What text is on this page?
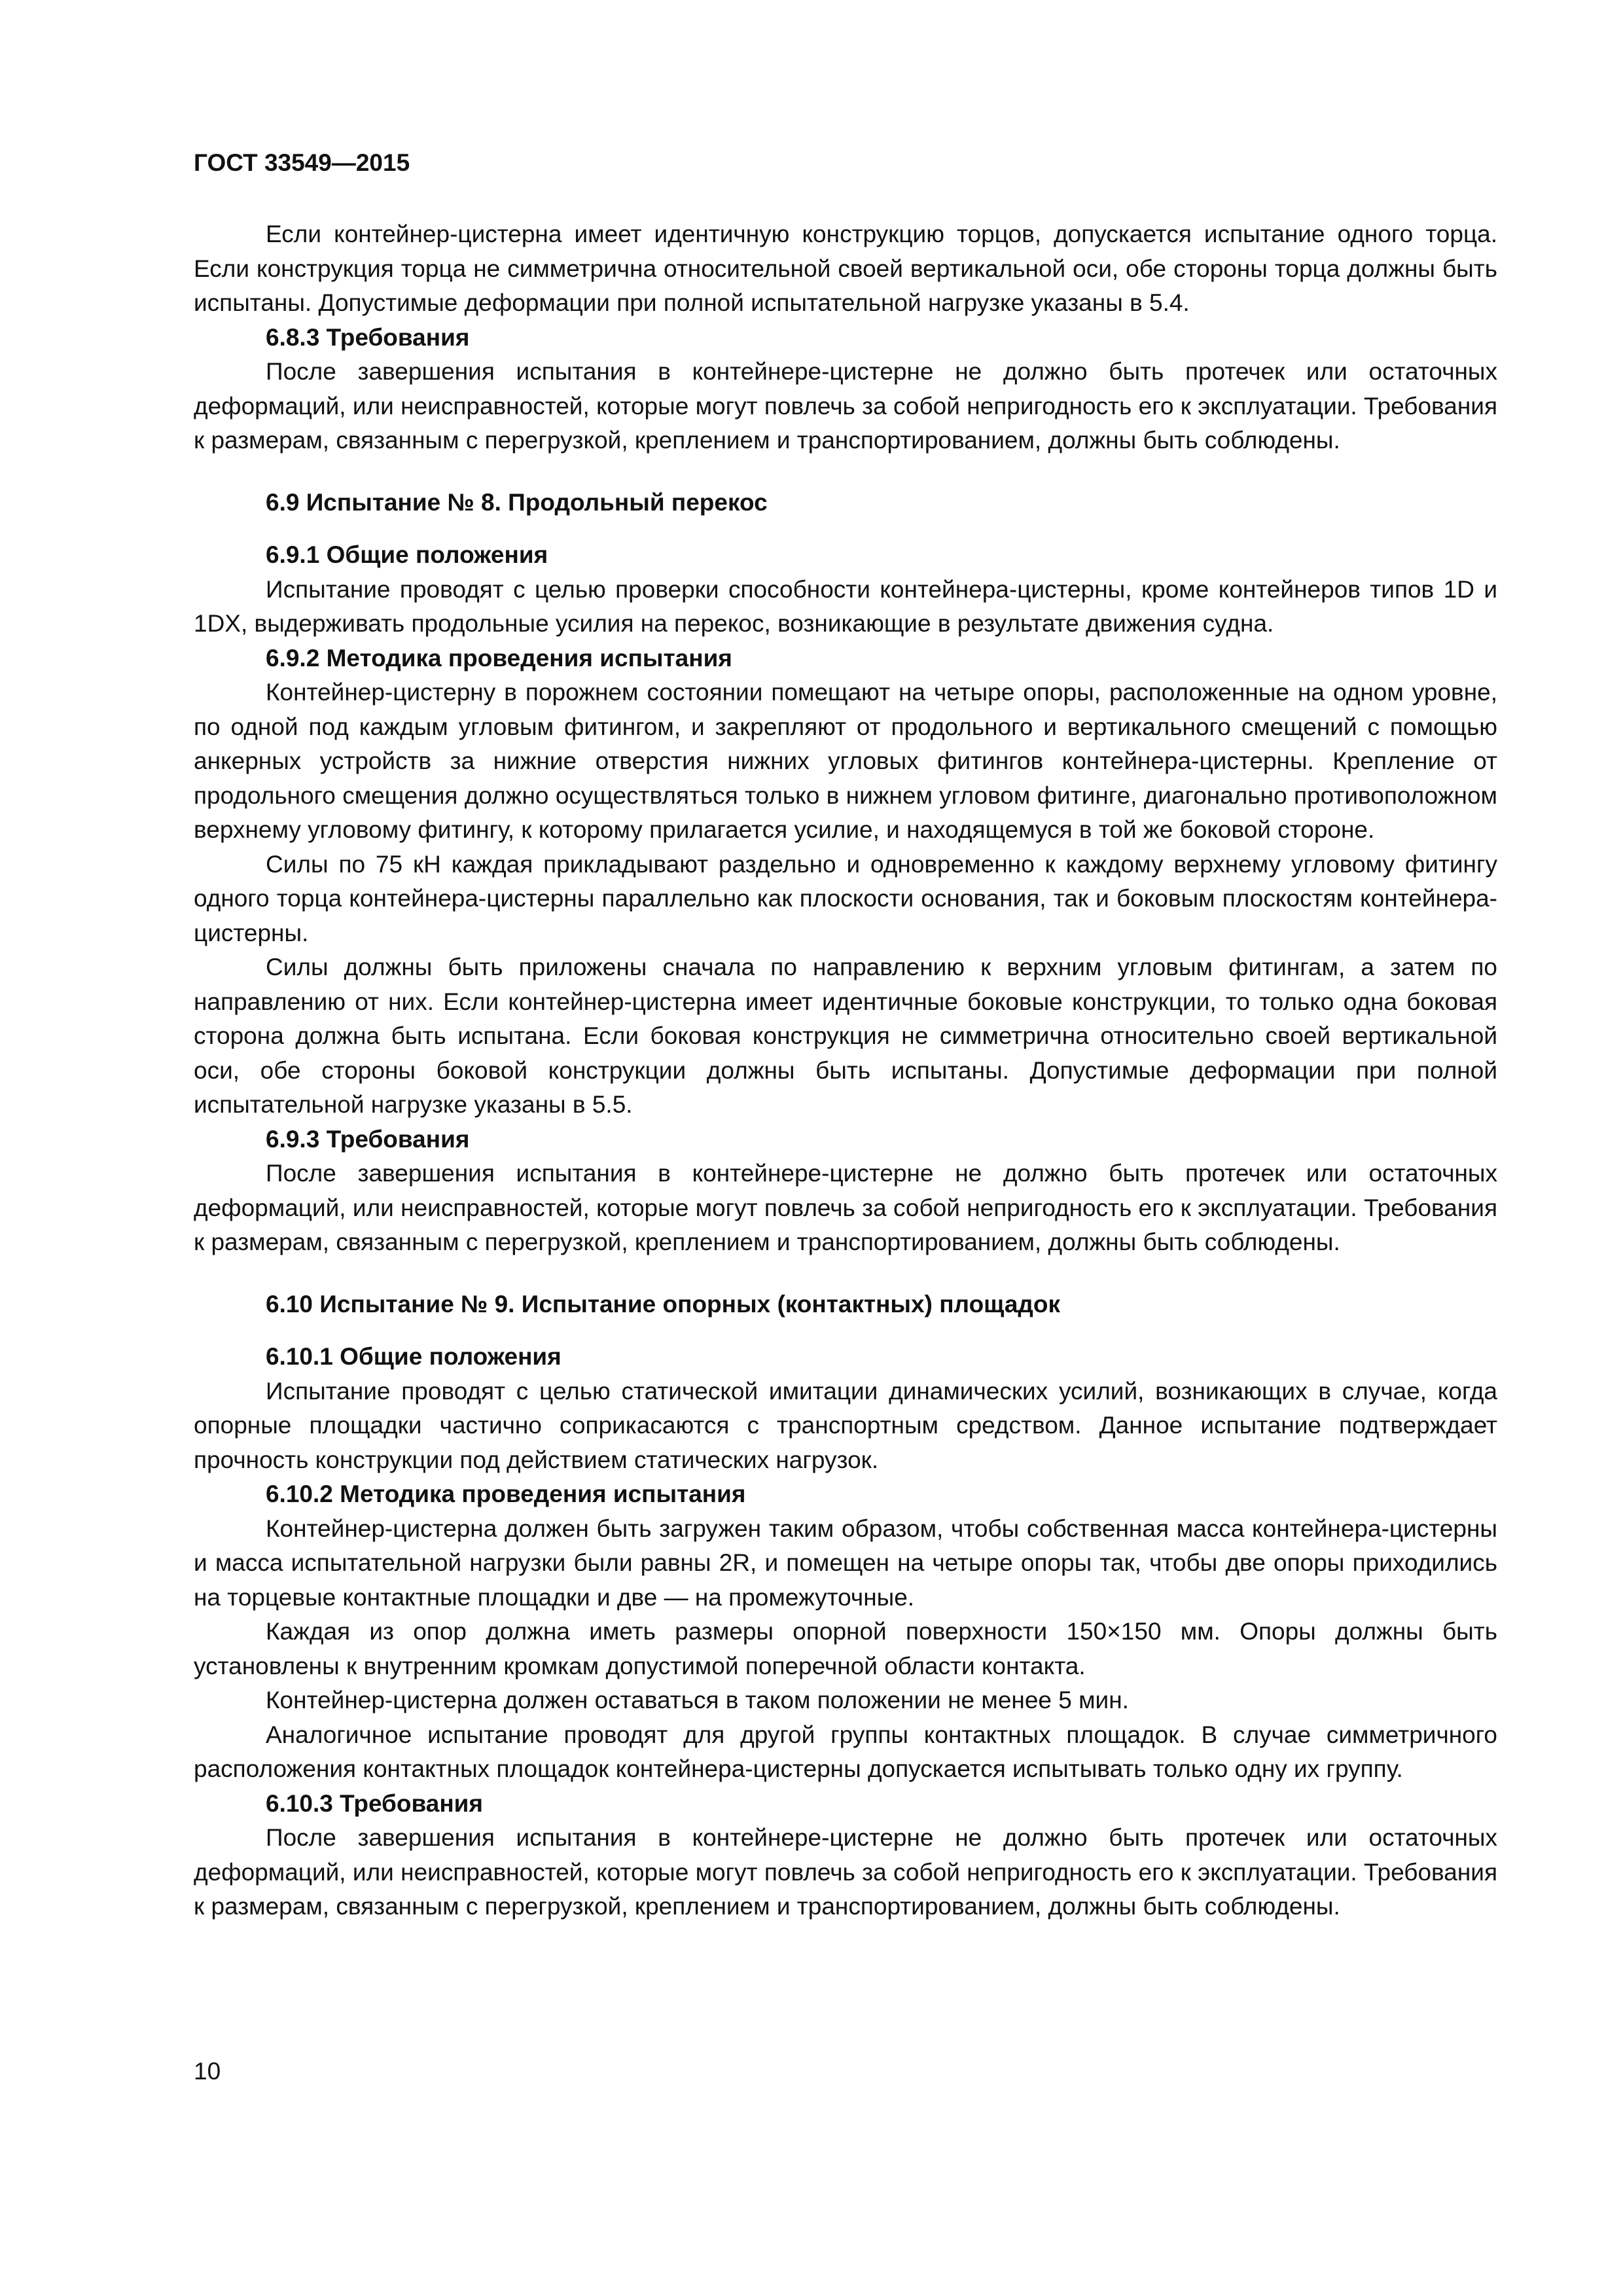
ГОСТ 33549—2015

Если контейнер-цистерна имеет идентичную конструкцию торцов, допускается испытание одного торца. Если конструкция торца не симметрична относительной своей вертикальной оси, обе стороны торца должны быть испытаны. Допустимые деформации при полной испытательной нагрузке указаны в 5.4.

6.8.3 Требования

После завершения испытания в контейнере-цистерне не должно быть протечек или остаточных деформаций, или неисправностей, которые могут повлечь за собой непригодность его к эксплуатации. Требования к размерам, связанным с перегрузкой, креплением и транспортированием, должны быть соблюдены.

6.9 Испытание № 8. Продольный перекос

6.9.1 Общие положения

Испытание проводят с целью проверки способности контейнера-цистерны, кроме контейнеров типов 1D и 1DX, выдерживать продольные усилия на перекос, возникающие в результате движения судна.

6.9.2 Методика проведения испытания

Контейнер-цистерну в порожнем состоянии помещают на четыре опоры, расположенные на одном уровне, по одной под каждым угловым фитингом, и закрепляют от продольного и вертикального смещений с помощью анкерных устройств за нижние отверстия нижних угловых фитингов контейнера-цистерны. Крепление от продольного смещения должно осуществляться только в нижнем угловом фитинге, диагонально противоположном верхнему угловому фитингу, к которому прилагается усилие, и находящемуся в той же боковой стороне.

Силы по 75 кН каждая прикладывают раздельно и одновременно к каждому верхнему угловому фитингу одного торца контейнера-цистерны параллельно как плоскости основания, так и боковым плоскостям контейнера-цистерны.

Силы должны быть приложены сначала по направлению к верхним угловым фитингам, а затем по направлению от них. Если контейнер-цистерна имеет идентичные боковые конструкции, то только одна боковая сторона должна быть испытана. Если боковая конструкция не симметрична относительно своей вертикальной оси, обе стороны боковой конструкции должны быть испытаны. Допустимые деформации при полной испытательной нагрузке указаны в 5.5.

6.9.3 Требования

После завершения испытания в контейнере-цистерне не должно быть протечек или остаточных деформаций, или неисправностей, которые могут повлечь за собой непригодность его к эксплуатации. Требования к размерам, связанным с перегрузкой, креплением и транспортированием, должны быть соблюдены.

6.10 Испытание № 9. Испытание опорных (контактных) площадок

6.10.1 Общие положения

Испытание проводят с целью статической имитации динамических усилий, возникающих в случае, когда опорные площадки частично соприкасаются с транспортным средством. Данное испытание подтверждает прочность конструкции под действием статических нагрузок.

6.10.2 Методика проведения испытания

Контейнер-цистерна должен быть загружен таким образом, чтобы собственная масса контейнера-цистерны и масса испытательной нагрузки были равны 2R, и помещен на четыре опоры так, чтобы две опоры приходились на торцевые контактные площадки и две — на промежуточные.

Каждая из опор должна иметь размеры опорной поверхности 150×150 мм. Опоры должны быть установлены к внутренним кромкам допустимой поперечной области контакта.

Контейнер-цистерна должен оставаться в таком положении не менее 5 мин.

Аналогичное испытание проводят для другой группы контактных площадок. В случае симметричного расположения контактных площадок контейнера-цистерны допускается испытывать только одну их группу.

6.10.3 Требования

После завершения испытания в контейнере-цистерне не должно быть протечек или остаточных деформаций, или неисправностей, которые могут повлечь за собой непригодность его к эксплуатации. Требования к размерам, связанным с перегрузкой, креплением и транспортированием, должны быть соблюдены.

10
